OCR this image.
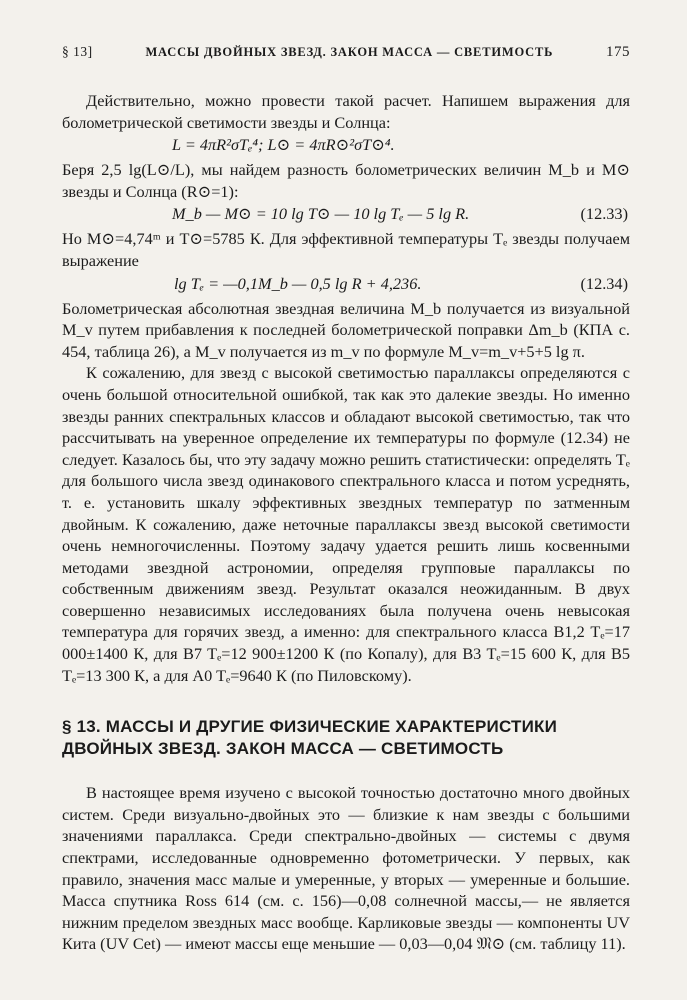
§ 13]	МАССЫ ДВОЙНЫХ ЗВЕЗД. ЗАКОН МАССА — СВЕТИМОСТЬ	175

Действительно, можно провести такой расчет. Напишем выражения для болометрической светимости звезды и Солнца:

L = 4πR²σTₑ⁴; L⊙ = 4πR⊙²σT⊙⁴.

Беря 2,5 lg(L⊙/L), мы найдем разность болометрических величин M_b и M⊙ звезды и Солнца (R⊙=1):

M_b — M⊙ = 10 lg T⊙ — 10 lg Tₑ — 5 lg R.	(12.33)

Но M⊙=4,74ᵐ и T⊙=5785 К. Для эффективной температуры Tₑ звезды получаем выражение

lg Tₑ = —0,1M_b — 0,5 lg R + 4,236.	(12.34)

Болометрическая абсолютная звездная величина M_b получается из визуальной M_v путем прибавления к последней болометрической поправки Δm_b (КПА с. 454, таблица 26), а M_v получается из m_v по формуле M_v=m_v+5+5 lg π.

К сожалению, для звезд с высокой светимостью параллаксы определяются с очень большой относительной ошибкой, так как это далекие звезды. Но именно звезды ранних спектральных классов и обладают высокой светимостью, так что рассчитывать на уверенное определение их температуры по формуле (12.34) не следует. Казалось бы, что эту задачу можно решить статистически: определять Tₑ для большого числа звезд одинакового спектрального класса и потом усреднять, т. е. установить шкалу эффективных звездных температур по затменным двойным. К сожалению, даже неточные параллаксы звезд высокой светимости очень немногочисленны. Поэтому задачу удается решить лишь косвенными методами звездной астрономии, определяя групповые параллаксы по собственным движениям звезд. Результат оказался неожиданным. В двух совершенно независимых исследованиях была получена очень невысокая температура для горячих звезд, а именно: для спектрального класса B1,2 Tₑ=17 000±1400 К, для B7 Tₑ=12 900±1200 К (по Копалу), для B3 Tₑ=15 600 К, для B5 Tₑ=13 300 К, а для A0 Tₑ=9640 К (по Пиловскому).

§ 13. МАССЫ И ДРУГИЕ ФИЗИЧЕСКИЕ ХАРАКТЕРИСТИКИ ДВОЙНЫХ ЗВЕЗД. ЗАКОН МАССА — СВЕТИМОСТЬ

В настоящее время изучено с высокой точностью достаточно много двойных систем. Среди визуально-двойных это — близкие к нам звезды с большими значениями параллакса. Среди спектрально-двойных — системы с двумя спектрами, исследованные одновременно фотометрически. У первых, как правило, значения масс малые и умеренные, у вторых — умеренные и большие. Масса спутника Ross 614 (см. с. 156)—0,08 солнечной массы,— не является нижним пределом звездных масс вообще. Карликовые звезды — компоненты UV Кита (UV Cet) — имеют массы еще меньшие — 0,03—0,04 𝔐⊙ (см. таблицу 11).
